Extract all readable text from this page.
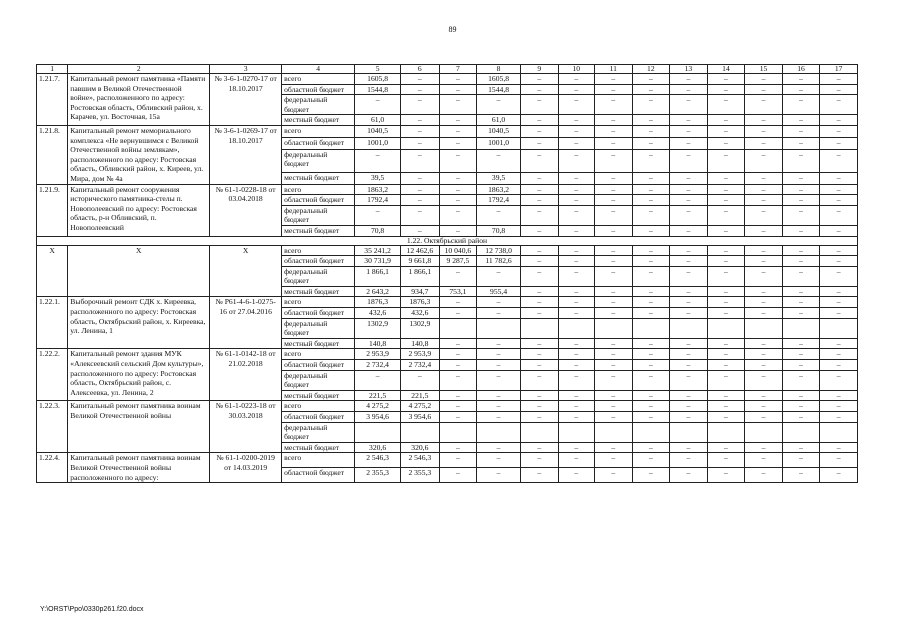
89
1	2	3	4	5	6	7	8	9	10	11	12	13	14	15	16	17
1.21.7.	Капитальный ремонт памятника «Памяти павшим в Великой Отечественной войне», расположенного по адресу: Ростовская область, Обливский район, х. Карачев, ул. Восточная, 15а	№ 3-6-1-0270-17 от 18.10.2017	всего	1605,8	–	–	1605,8	–	–	–	–	–	–	–	–	–
			областной бюджет	1544,8	–	–	1544,8	–	–	–	–	–	–	–	–	–
			федеральный бюджет	–	–	–	–	–	–	–	–	–	–	–	–	–
			местный бюджет	61,0	–	–	61,0	–	–	–	–	–	–	–	–	–
1.21.8.	Капитальный ремонт мемориального комплекса «Не вернувшимся с Великой Отечественной войны землякам», расположенного по адресу: Ростовская область, Обливский район, х. Киреев, ул. Мира, дом № 4а	№ 3-6-1-0269-17 от 18.10.2017	всего	1040,5	–	–	1040,5	–	–	–	–	–	–	–	–	–
			областной бюджет	1001,0	–	–	1001,0	–	–	–	–	–	–	–	–	–
			федеральный бюджет	–	–	–	–	–	–	–	–	–	–	–	–	–
			местный бюджет	39,5	–	–	39,5	–	–	–	–	–	–	–	–	–
1.21.9.	Капитальный ремонт сооружения исторического памятника-стелы п. Новополеевский по адресу: Ростовская область, р-н Обливский, п. Новополеевский	№ 61-1-0228-18 от 03.04.2018	всего	1863,2	–	–	1863,2	–	–	–	–	–	–	–	–	–
			областной бюджет	1792,4	–	–	1792,4	–	–	–	–	–	–	–	–	–
			федеральный бюджет	–	–	–	–	–	–	–	–	–	–	–	–	–
			местный бюджет	70,8	–	–	70,8	–	–	–	–	–	–	–	–	–
1.22. Октябрьский район																
Х	Х	Х	всего	35 241,2	12 462,6	10 040,6	12 738,0	–	–	–	–	–	–	–	–	–
			областной бюджет	30 731,9	9 661,8	9 287,5	11 782,6	–	–	–	–	–	–	–	–	–
			федеральный бюджет	1 866,1	1 866,1	–	–	–	–	–	–	–	–	–	–	–
			местный бюджет	2 643,2	934,7	753,1	955,4	–	–	–	–	–	–	–	–	–
1.22.1.	Выборочный ремонт СДК х. Киреевка, расположенного по адресу: Ростовская область, Октябрьский район, х. Киреевка, ул. Ленина, 1	№ Р61-4-6-1-0275-16 от 27.04.2016	всего	1876,3	1876,3	–	–	–	–	–	–	–	–	–	–	–
			областной бюджет	432,6	432,6	–	–	–	–	–	–	–	–	–	–	–
			федеральный бюджет	1302,9	1302,9											
			местный бюджет	140,8	140,8	–	–	–	–	–	–	–	–	–	–	–
1.22.2.	Капитальный ремонт здания МУК «Алексеевский сельский Дом культуры», расположенного по адресу: Ростовская область, Октябрьский район, с. Алексеевка, ул. Ленина, 2	№ 61-1-0142-18 от 21.02.2018	всего	2 953,9	2 953,9	–	–	–	–	–	–	–	–	–	–	–
			областной бюджет	2 732,4	2 732,4	–	–	–	–	–	–	–	–	–	–	–
			федеральный бюджет	–	–	–	–	–	–	–	–	–	–	–	–	–
			местный бюджет	221,5	221,5	–	–	–	–	–	–	–	–	–	–	–
1.22.3.	Капитальный ремонт памятника воинам Великой Отечественной войны	№ 61-1-0223-18 от 30.03.2018	всего	4 275,2	4 275,2	–	–	–	–	–	–	–	–	–	–	–
			областной бюджет	3 954,6	3 954,6	–	–	–	–	–	–	–	–	–	–	–
			федеральный бюджет													
			местный бюджет	320,6	320,6	–	–	–	–	–	–	–	–	–	–	–
1.22.4.	Капитальный ремонт памятника воинам Великой Отечественной войны расположенного по адресу:	№ 61-1-0200-2019 от 14.03.2019	всего	2 546,3	2 546,3	–	–	–	–	–	–	–	–	–	–	–
			областной бюджет	2 355,3	2 355,3	–	–	–	–	–	–	–	–	–	–	–
Y:\ORST\Ppo\0330p261.f20.docx
